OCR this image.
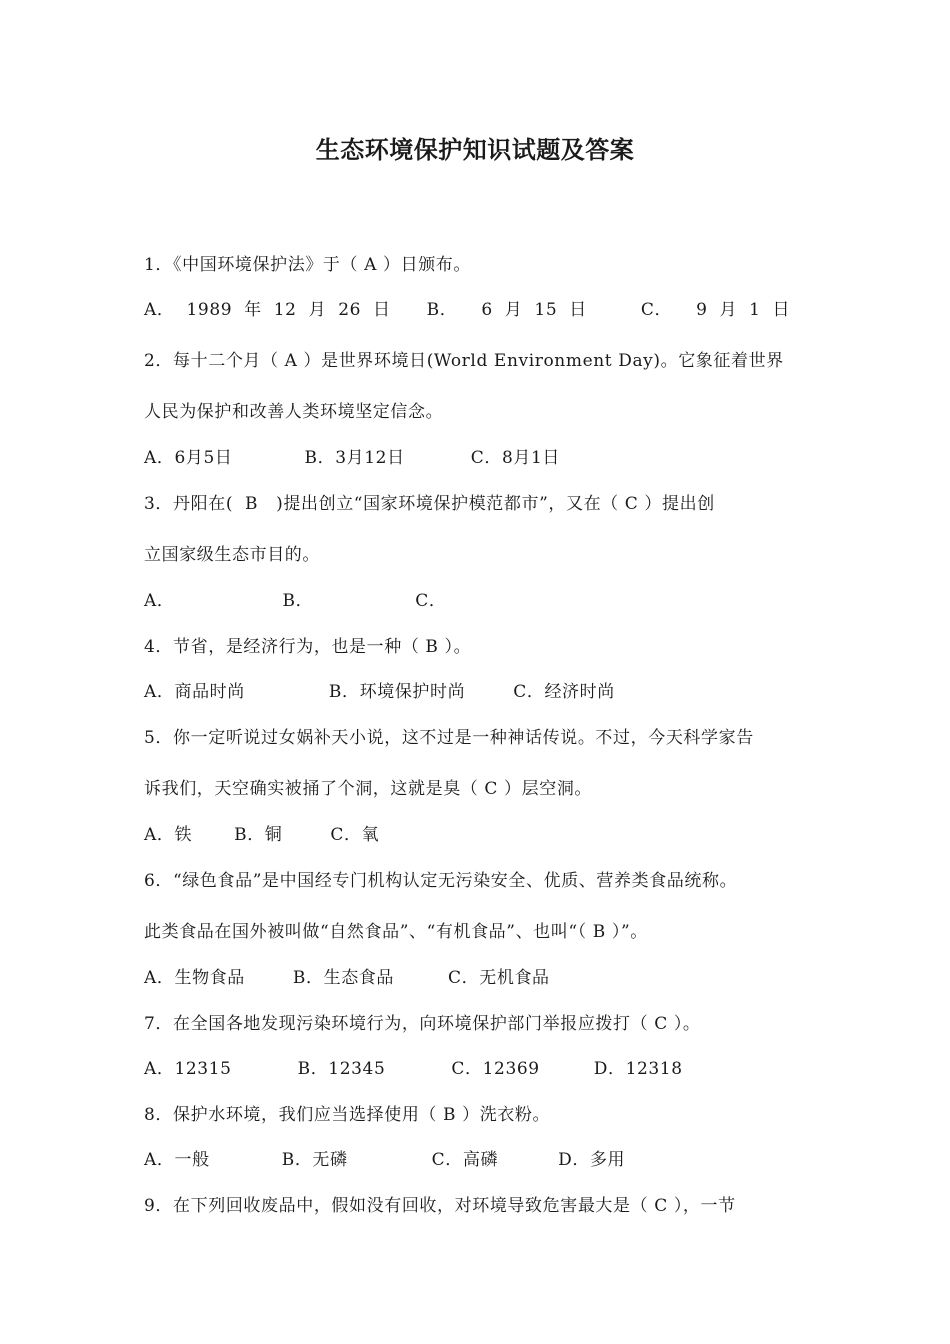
生态环境保护知识试题及答案
1．《中国环境保护法》于（ A ）日颁布。
A．  1989  年  12  月  26  日      B．    6  月  15  日         C．    9  月  1  日
2．每十二个月（ A ）是世界环境日(World Environment Day)。它象征着世界
人民为保护和改善人类环境坚定信念。
A．6月5日            B．3月12日           C．8月1日
3．丹阳在(  B   )提出创立“国家环境保护模范都市”，又在（ C ）提出创
立国家级生态市目的。
A．                  B．                 C．
4．节省，是经济行为，也是一种（ B ）。
A．商品时尚              B．环境保护时尚        C．经济时尚
5．你一定听说过女娲补天小说，这不过是一种神话传说。不过，今天科学家告
诉我们，天空确实被捅了个洞，这就是臭（ C ）层空洞。
A．铁       B．铜        C．氧
6．“绿色食品”是中国经专门机构认定无污染安全、优质、营养类食品统称。
此类食品在国外被叫做“自然食品”、“有机食品”、也叫“（ B ）”。
A．生物食品        B．生态食品         C．无机食品
7．在全国各地发现污染环境行为，向环境保护部门举报应拨打（ C ）。
A．12315           B．12345           C．12369         D．12318
8．保护水环境，我们应当选择使用（ B ）洗衣粉。
A．一般            B．无磷              C．高磷          D．多用
9．在下列回收废品中，假如没有回收，对环境导致危害最大是（ C ），一节
